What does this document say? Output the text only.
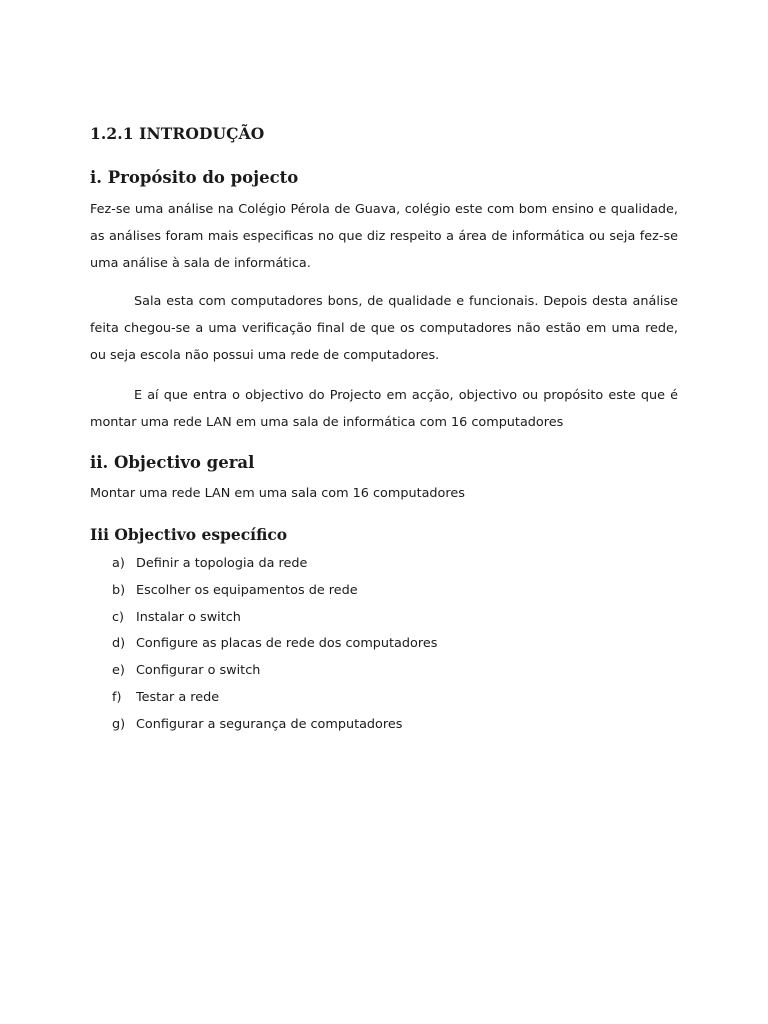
1.2.1 INTRODUÇÃO
i. Propósito do pojecto

Fez-se uma análise na Colégio Pérola de Guava, colégio este com bom ensino e qualidade, as análises foram mais especificas no que diz respeito a área de informática ou seja fez-se uma análise à sala de informática.

Sala esta com computadores bons, de qualidade e funcionais. Depois desta análise feita chegou-se a uma verificação final de que os computadores não estão em uma rede, ou seja escola não possui uma rede de computadores.

E aí que entra o objectivo do Projecto em acção, objectivo ou propósito este que é montar uma rede LAN em uma sala de informática com 16 computadores

ii. Objectivo geral

Montar uma rede LAN em uma sala com 16 computadores

Iii Objectivo específico
a) Definir a topologia da rede
b) Escolher os equipamentos de rede
c) Instalar o switch
d) Configure as placas de rede dos computadores
e) Configurar o switch
f)	Testar a rede
g) Configurar a segurança de computadores
